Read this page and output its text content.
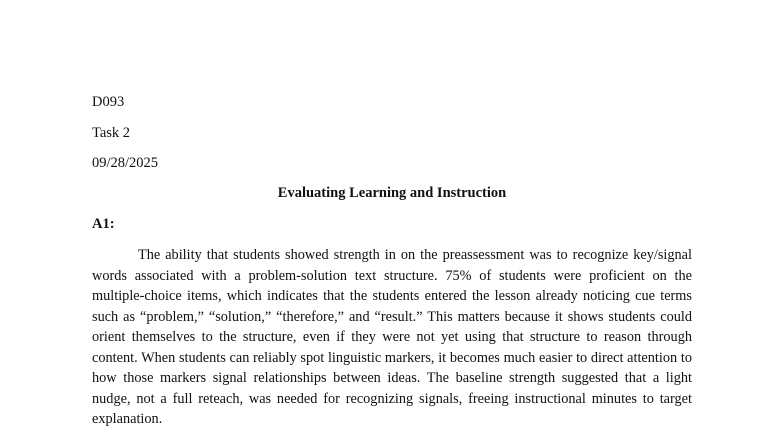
D093
Task 2
09/28/2025
Evaluating Learning and Instruction
A1:

The ability that students showed strength in on the preassessment was to recognize key/signal words associated with a problem-solution text structure. 75% of students were proficient on the multiple-choice items, which indicates that the students entered the lesson already noticing cue terms such as “problem,” “solution,” “therefore,” and “result.” This matters because it shows students could orient themselves to the structure, even if they were not yet using that structure to reason through content. When students can reliably spot linguistic markers, it becomes much easier to direct attention to how those markers signal relationships between ideas. The baseline strength suggested that a light nudge, not a full reteach, was needed for recognizing signals, freeing instructional minutes to target explanation.
